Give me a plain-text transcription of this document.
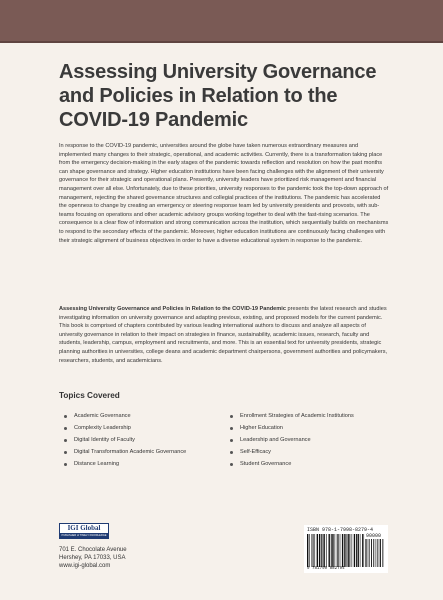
Assessing University Governance and Policies in Relation to the COVID-19 Pandemic

In response to the COVID-19 pandemic, universities around the globe have taken numerous extraordinary measures and implemented many changes to their strategic, operational, and academic activities. Currently, there is a transformation taking place from the emergency decision-making in the early stages of the pandemic towards reflection and resolution on how the past months can shape governance and strategy. Higher education institutions have been facing challenges with the alignment of their university governance for their strategic and operational plans. Presently, university leaders have prioritized risk management and financial management over all else. Unfortunately, due to these priorities, university responses to the pandemic took the top-down approach of management, rejecting the shared governance structures and collegial practices of the institutions. The pandemic has accelerated the openness to change by creating an emergency or steering response team led by university presidents and provosts, with sub-teams focusing on operations and other academic advisory groups working together to deal with the fast-rising scenarios. The consequence is a clear flow of information and strong communication across the institution, which sequentially builds on mechanisms to respond to the secondary effects of the pandemic. Moreover, higher education institutions are continuously facing challenges with their strategic alignment of business objectives in order to have a diverse educational system in response to the pandemic.

Assessing University Governance and Policies in Relation to the COVID-19 Pandemic presents the latest research and studies investigating information on university governance and adapting previous, existing, and proposed models for the current pandemic. This book is comprised of chapters contributed by various leading international authors to discuss and analyze all aspects of university governance in relation to their impact on strategies in finance, sustainability, academic issues, research, faculty and students, leadership, campus, employment and recruitments, and more. This is an essential text for university presidents, strategic planning authorities in universities, college deans and academic department chairpersons, government authorities and policymakers, researchers, students, and academicians.

Topics Covered
Academic Governance
Complexity Leadership
Digital Identity of Faculty
Digital Transformation Academic Governance
Distance Learning
Enrollment Strategies of Academic Institutions
Higher Education
Leadership and Governance
Self-Efficacy
Student Governance
IGI Global
PUBLISHER of TIMELY KNOWLEDGE

701 E. Chocolate Avenue
Hershey, PA 17033, USA
www.igi-global.com

ISBN 978-1-7998-8279-4
90000
9 781799 882794
